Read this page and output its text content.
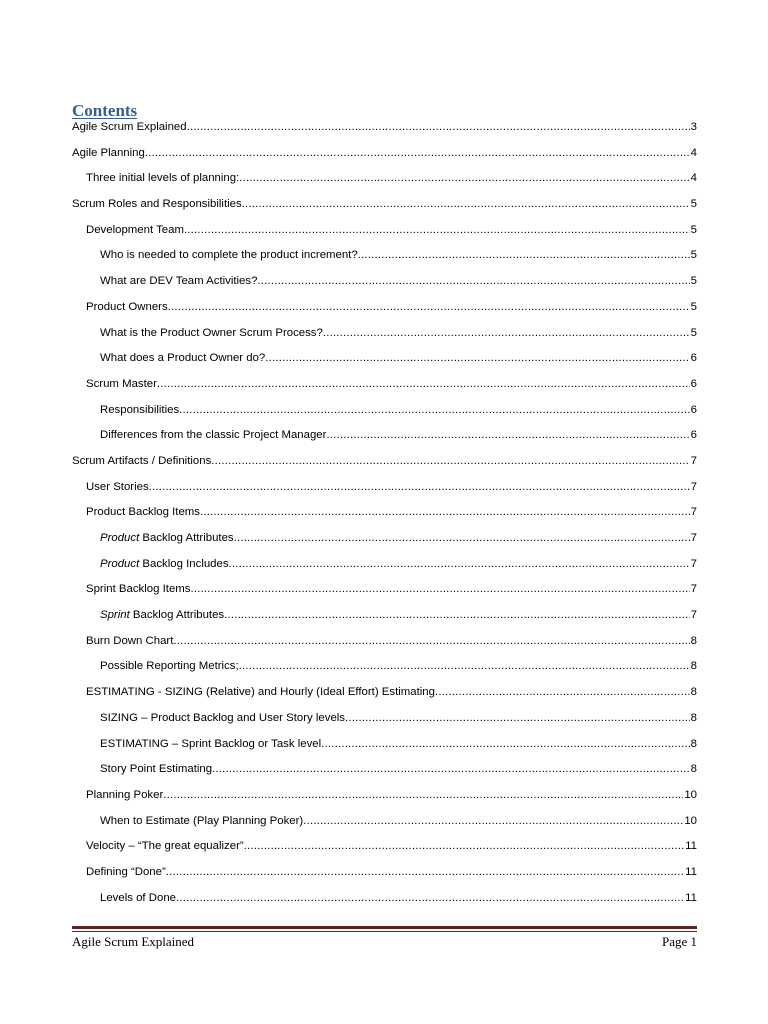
Contents
Agile Scrum Explained .....	3
Agile Planning .....	4
Three initial levels of planning: .....	4
Scrum Roles and Responsibilities .....	5
Development Team .....	5
Who is needed to complete the product increment? .....	5
What are DEV Team Activities? .....	5
Product Owners .....	5
What is the Product Owner Scrum Process? .....	5
What does a Product Owner do? .....	6
Scrum Master .....	6
Responsibilities .....	6
Differences from the classic Project Manager .....	6
Scrum Artifacts / Definitions .....	7
User Stories .....	7
Product Backlog Items .....	7
Product Backlog Attributes .....	7
Product Backlog Includes .....	7
Sprint Backlog Items .....	7
Sprint Backlog Attributes .....	7
Burn Down Chart .....	8
Possible Reporting Metrics; .....	8
ESTIMATING - SIZING (Relative) and Hourly (Ideal Effort) Estimating .....	8
SIZING – Product Backlog and User Story levels .....	8
ESTIMATING – Sprint Backlog or Task level .....	8
Story Point Estimating .....	8
Planning Poker .....	10
When to Estimate (Play Planning Poker) .....	10
Velocity – “The great equalizer” .....	11
Defining “Done” .....	11
Levels of Done .....	11
Agile Scrum Explained	Page 1
